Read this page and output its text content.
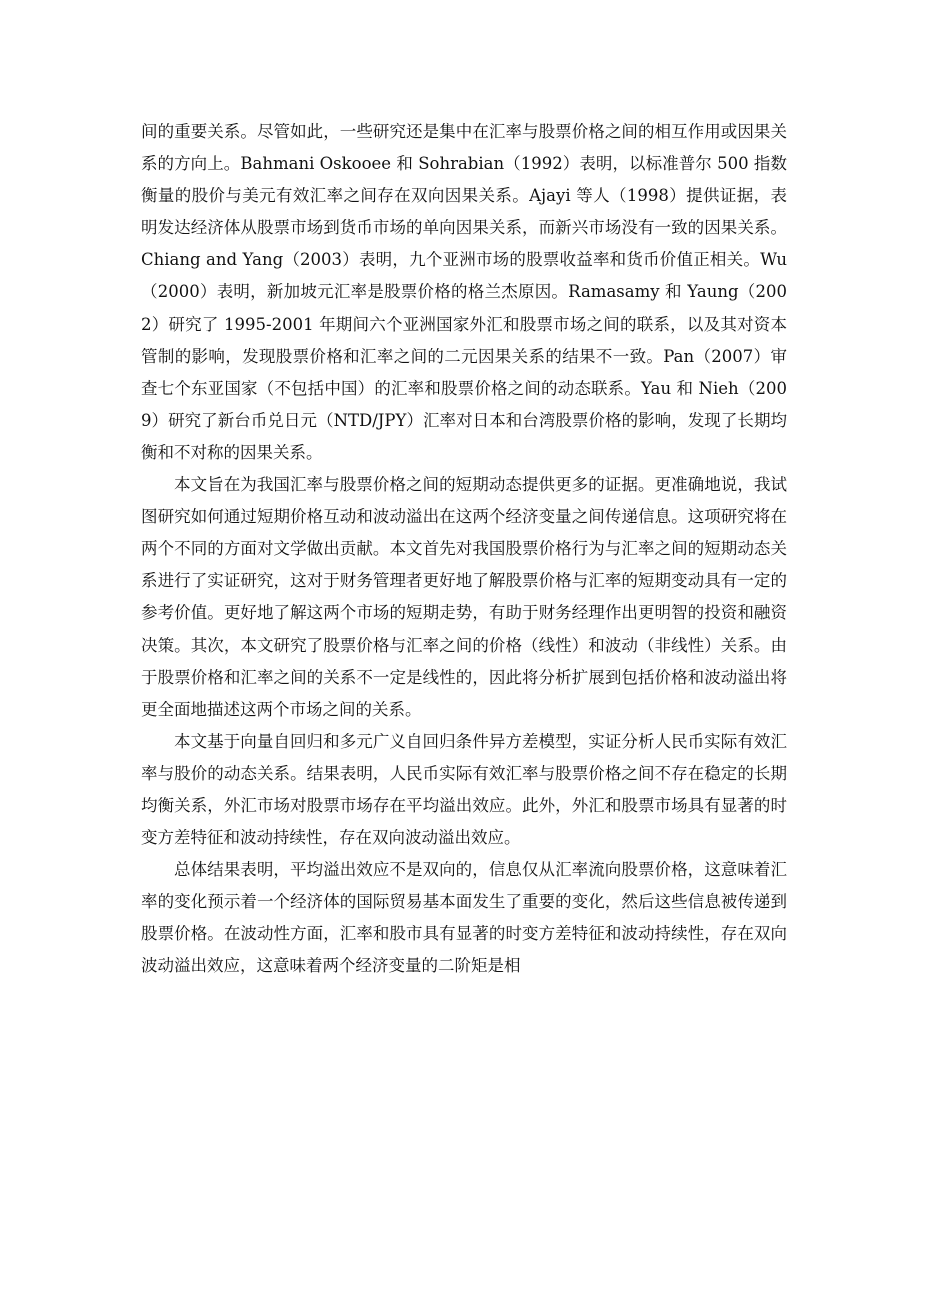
间的重要关系。尽管如此，一些研究还是集中在汇率与股票价格之间的相互作用或因果关系的方向上。Bahmani Oskooee 和 Sohrabian（1992）表明，以标准普尔 500 指数衡量的股价与美元有效汇率之间存在双向因果关系。Ajayi 等人（1998）提供证据，表明发达经济体从股票市场到货币市场的单向因果关系，而新兴市场没有一致的因果关系。Chiang and Yang（2003）表明，九个亚洲市场的股票收益率和货币价值正相关。Wu（2000）表明，新加坡元汇率是股票价格的格兰杰原因。Ramasamy 和 Yaung（2002）研究了 1995-2001 年期间六个亚洲国家外汇和股票市场之间的联系，以及其对资本管制的影响，发现股票价格和汇率之间的二元因果关系的结果不一致。Pan（2007）审查七个东亚国家（不包括中国）的汇率和股票价格之间的动态联系。Yau 和 Nieh（2009）研究了新台币兑日元（NTD/JPY）汇率对日本和台湾股票价格的影响，发现了长期均衡和不对称的因果关系。

本文旨在为我国汇率与股票价格之间的短期动态提供更多的证据。更准确地说，我试图研究如何通过短期价格互动和波动溢出在这两个经济变量之间传递信息。这项研究将在两个不同的方面对文学做出贡献。本文首先对我国股票价格行为与汇率之间的短期动态关系进行了实证研究，这对于财务管理者更好地了解股票价格与汇率的短期变动具有一定的参考价值。更好地了解这两个市场的短期走势，有助于财务经理作出更明智的投资和融资决策。其次，本文研究了股票价格与汇率之间的价格（线性）和波动（非线性）关系。由于股票价格和汇率之间的关系不一定是线性的，因此将分析扩展到包括价格和波动溢出将更全面地描述这两个市场之间的关系。

本文基于向量自回归和多元广义自回归条件异方差模型，实证分析人民币实际有效汇率与股价的动态关系。结果表明，人民币实际有效汇率与股票价格之间不存在稳定的长期均衡关系，外汇市场对股票市场存在平均溢出效应。此外，外汇和股票市场具有显著的时变方差特征和波动持续性，存在双向波动溢出效应。

总体结果表明，平均溢出效应不是双向的，信息仅从汇率流向股票价格，这意味着汇率的变化预示着一个经济体的国际贸易基本面发生了重要的变化，然后这些信息被传递到股票价格。在波动性方面，汇率和股市具有显著的时变方差特征和波动持续性，存在双向波动溢出效应，这意味着两个经济变量的二阶矩是相
